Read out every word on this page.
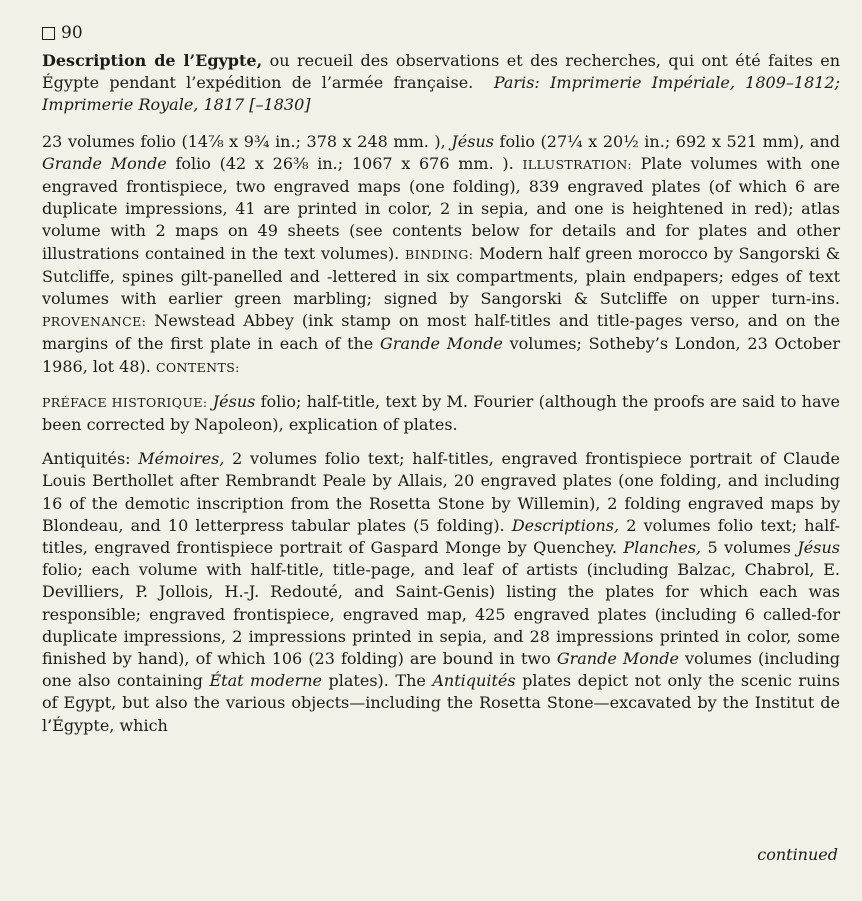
90

Description de l’Egypte, ou recueil des observations et des recherches, qui ont été faites en Égypte pendant l’expédition de l’armée française. Paris: Imprimerie Impériale, 1809–1812; Imprimerie Royale, 1817 [–1830]

23 volumes folio (14⅞ x 9¾ in.; 378 x 248 mm. ), Jésus folio (27¼ x 20½ in.; 692 x 521 mm), and Grande Monde folio (42 x 26⅜ in.; 1067 x 676 mm. ). ILLUSTRATION: Plate volumes with one engraved frontispiece, two engraved maps (one folding), 839 engraved plates (of which 6 are duplicate impressions, 41 are printed in color, 2 in sepia, and one is heightened in red); atlas volume with 2 maps on 49 sheets (see contents below for details and for plates and other illustrations contained in the text volumes). BINDING: Modern half green morocco by Sangorski & Sutcliffe, spines gilt-panelled and -lettered in six compartments, plain endpapers; edges of text volumes with earlier green marbling; signed by Sangorski & Sutcliffe on upper turn-ins. PROVENANCE: Newstead Abbey (ink stamp on most half-titles and title-pages verso, and on the margins of the first plate in each of the Grande Monde volumes; Sotheby’s London, 23 October 1986, lot 48). CONTENTS:

PRÉFACE HISTORIQUE: Jésus folio; half-title, text by M. Fourier (although the proofs are said to have been corrected by Napoleon), explication of plates.

Antiquités: Mémoires, 2 volumes folio text; half-titles, engraved frontispiece portrait of Claude Louis Berthollet after Rembrandt Peale by Allais, 20 engraved plates (one folding, and including 16 of the demotic inscription from the Rosetta Stone by Willemin), 2 folding engraved maps by Blondeau, and 10 letterpress tabular plates (5 folding). Descriptions, 2 volumes folio text; half-titles, engraved frontispiece portrait of Gaspard Monge by Quenchey. Planches, 5 volumes Jésus folio; each volume with half-title, title-page, and leaf of artists (including Balzac, Chabrol, E. Devilliers, P. Jollois, H.-J. Redouté, and Saint-Genis) listing the plates for which each was responsible; engraved frontispiece, engraved map, 425 engraved plates (including 6 called-for duplicate impressions, 2 impressions printed in sepia, and 28 impressions printed in color, some finished by hand), of which 106 (23 folding) are bound in two Grande Monde volumes (including one also containing État moderne plates). The Antiquités plates depict not only the scenic ruins of Egypt, but also the various objects—including the Rosetta Stone—excavated by the Institut de l’Égypte, which

continued
